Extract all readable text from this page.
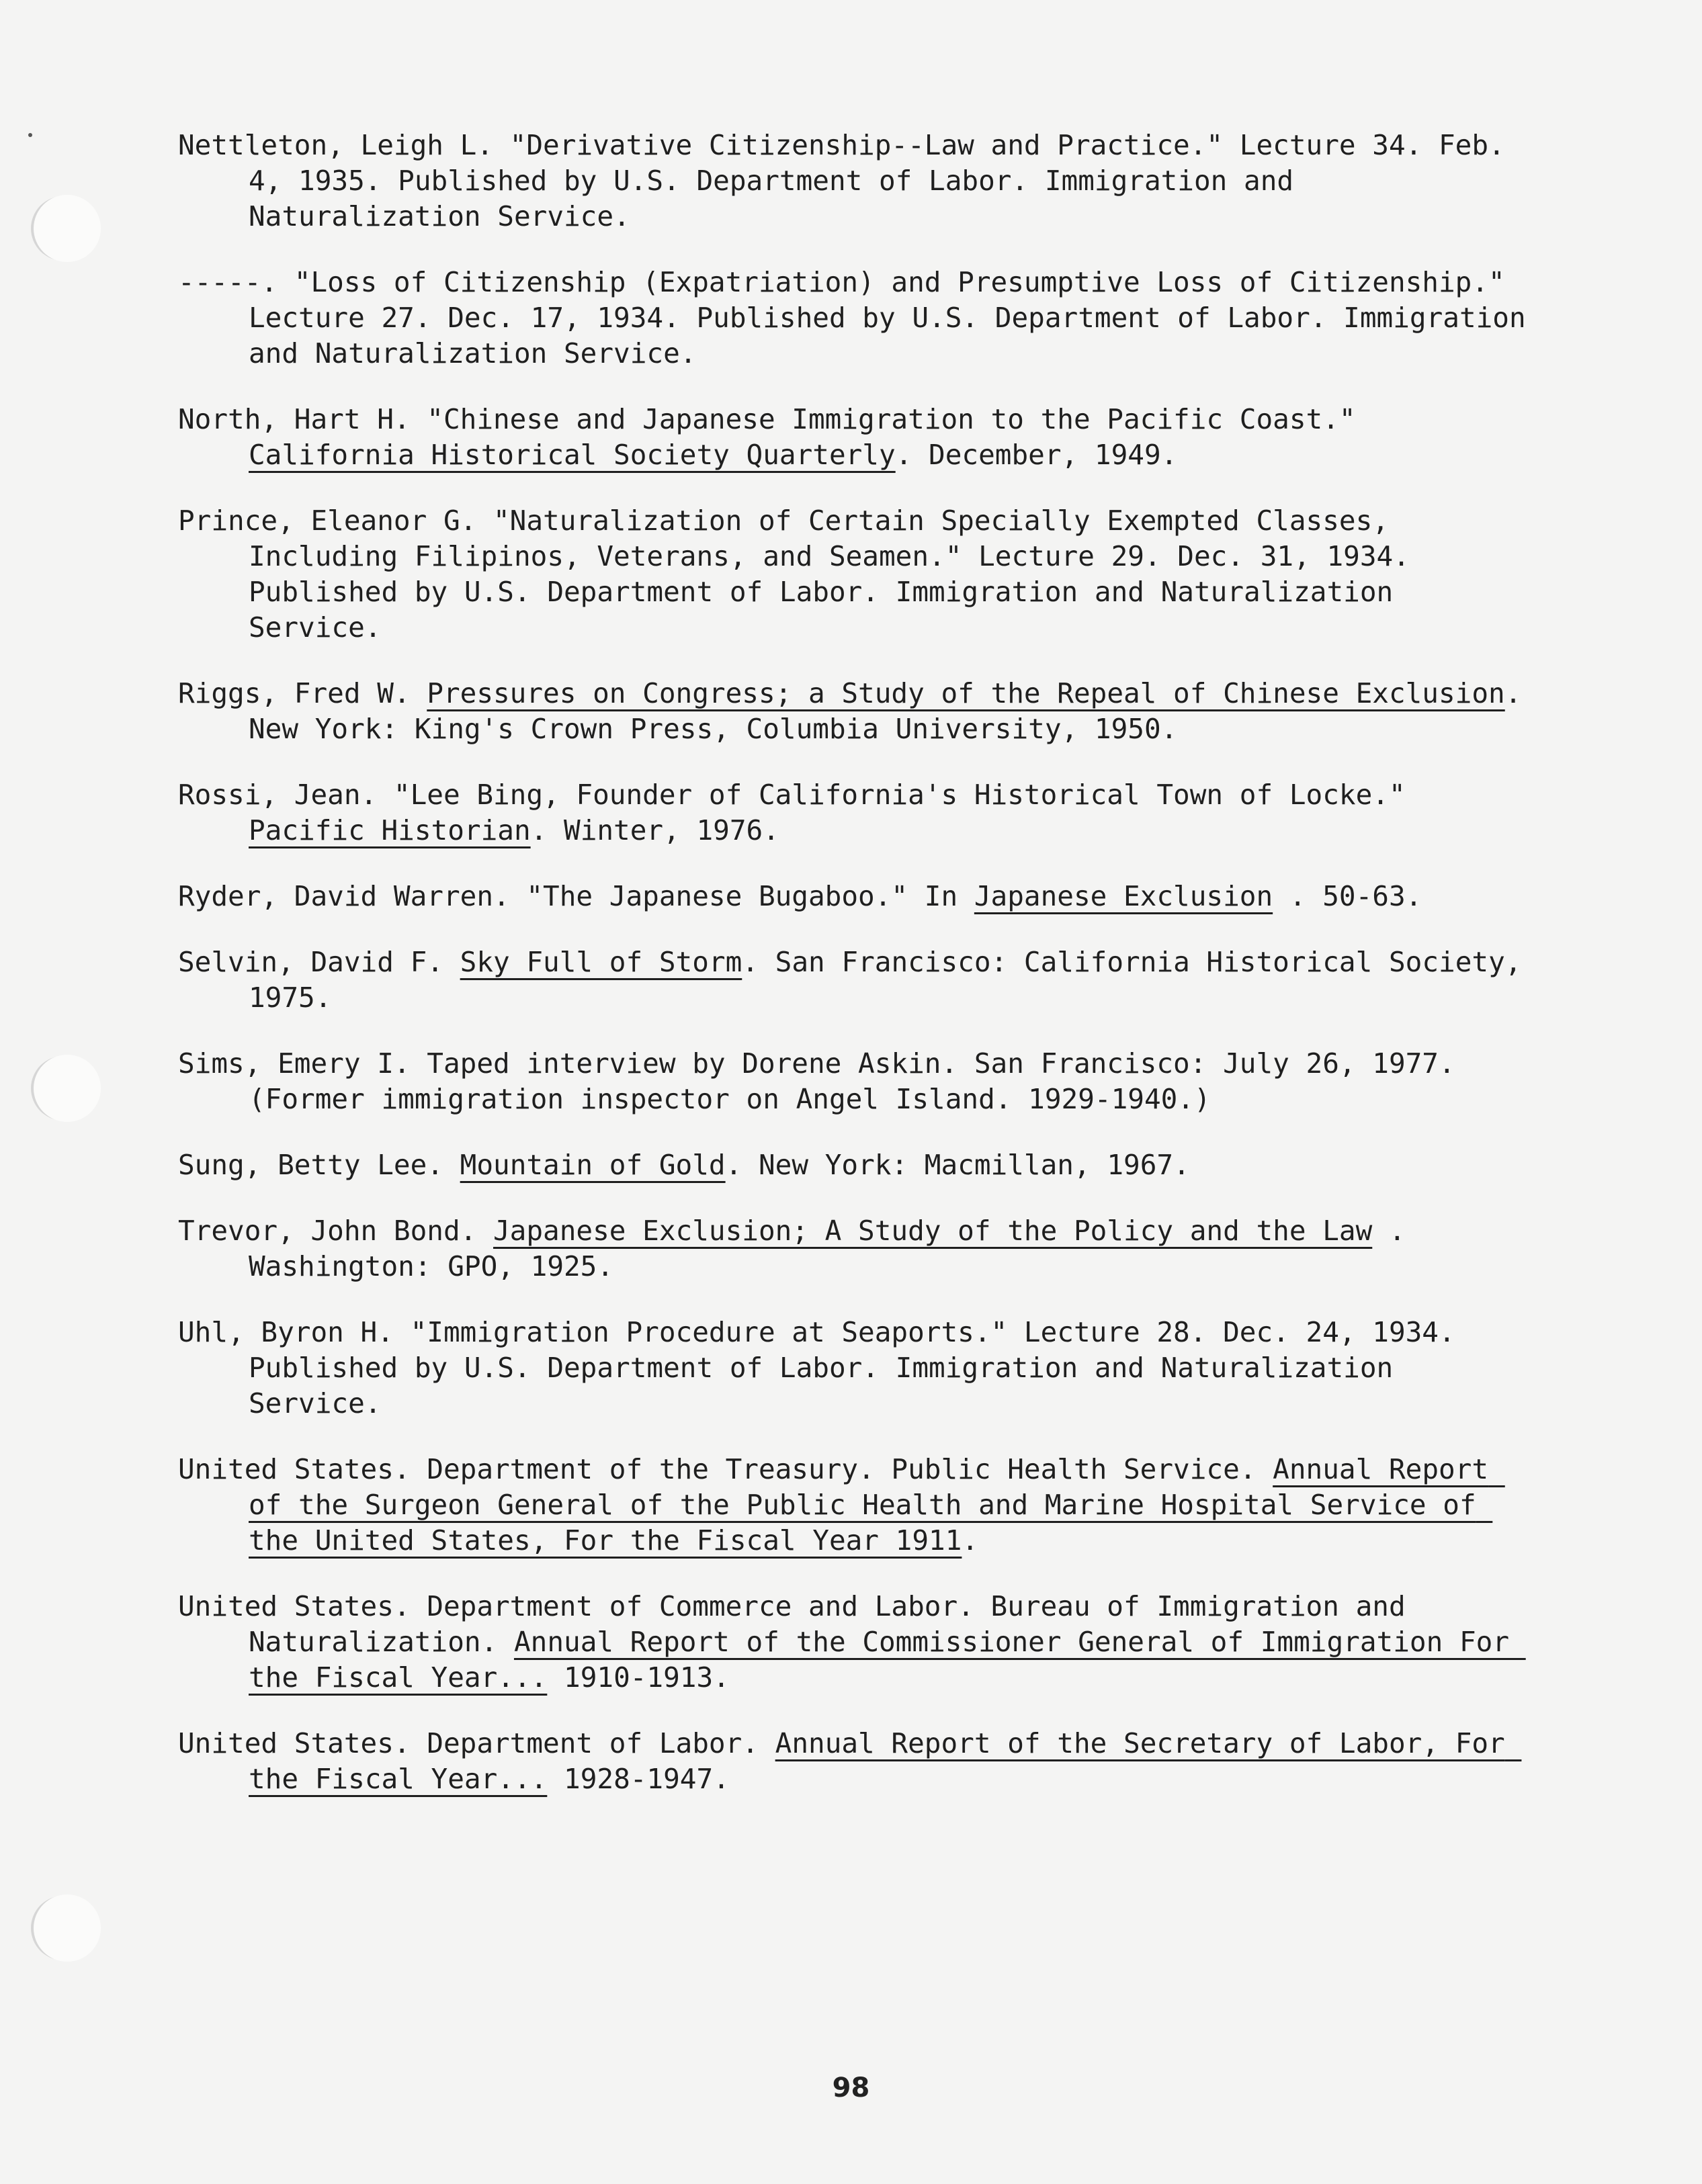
Nettleton, Leigh L. "Derivative Citizenship--Law and Practice." Lecture 34. Feb. 4, 1935. Published by U.S. Department of Labor. Immigration and Naturalization Service.

-----. "Loss of Citizenship (Expatriation) and Presumptive Loss of Citizenship." Lecture 27. Dec. 17, 1934. Published by U.S. Department of Labor. Immigration and Naturalization Service.

North, Hart H. "Chinese and Japanese Immigration to the Pacific Coast." California Historical Society Quarterly. December, 1949.

Prince, Eleanor G. "Naturalization of Certain Specially Exempted Classes, Including Filipinos, Veterans, and Seamen." Lecture 29. Dec. 31, 1934. Published by U.S. Department of Labor. Immigration and Naturalization Service.

Riggs, Fred W. Pressures on Congress; a Study of the Repeal of Chinese Exclusion. New York: King's Crown Press, Columbia University, 1950.

Rossi, Jean. "Lee Bing, Founder of California's Historical Town of Locke." Pacific Historian. Winter, 1976.

Ryder, David Warren. "The Japanese Bugaboo." In Japanese Exclusion . 50-63.

Selvin, David F. Sky Full of Storm. San Francisco: California Historical Society, 1975.

Sims, Emery I. Taped interview by Dorene Askin. San Francisco: July 26, 1977. (Former immigration inspector on Angel Island. 1929-1940.)

Sung, Betty Lee. Mountain of Gold. New York: Macmillan, 1967.

Trevor, John Bond. Japanese Exclusion; A Study of the Policy and the Law . Washington: GPO, 1925.

Uhl, Byron H. "Immigration Procedure at Seaports." Lecture 28. Dec. 24, 1934. Published by U.S. Department of Labor. Immigration and Naturalization Service.

United States. Department of the Treasury. Public Health Service. Annual Report of the Surgeon General of the Public Health and Marine Hospital Service of the United States, For the Fiscal Year 1911.

United States. Department of Commerce and Labor. Bureau of Immigration and Naturalization. Annual Report of the Commissioner General of Immigration For the Fiscal Year... 1910-1913.

United States. Department of Labor. Annual Report of the Secretary of Labor, For the Fiscal Year... 1928-1947.

98
